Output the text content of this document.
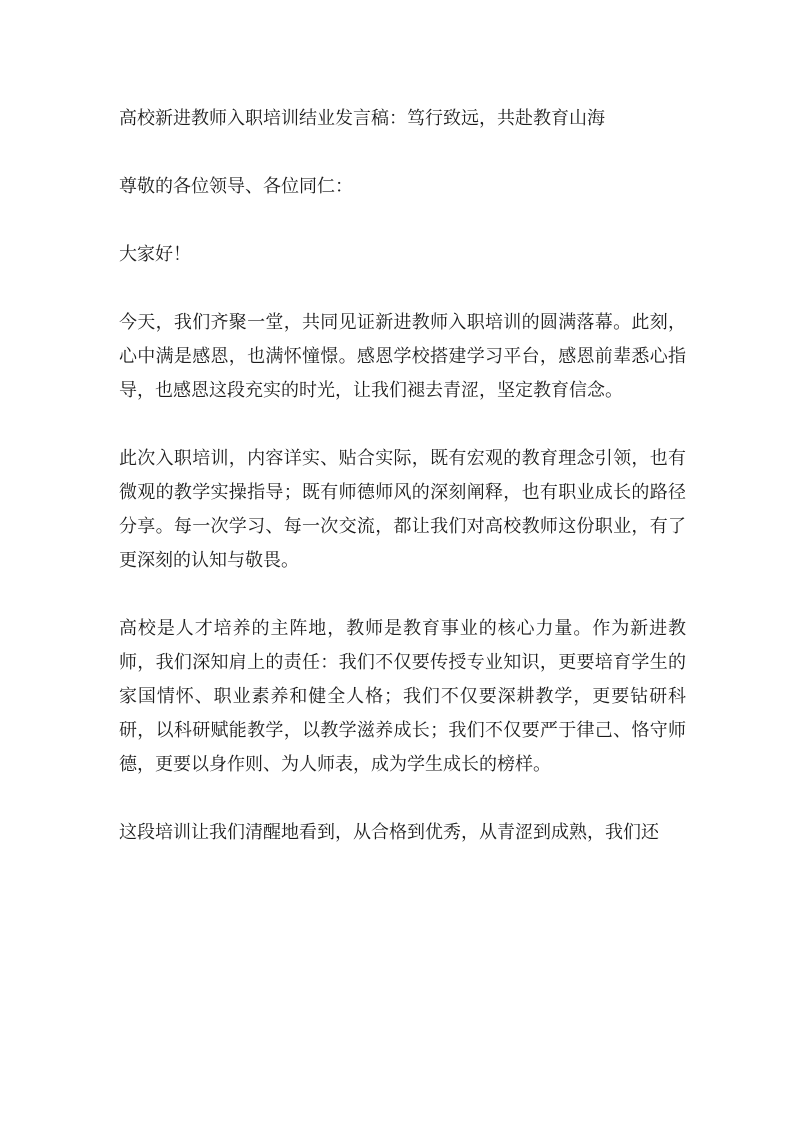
高校新进教师入职培训结业发言稿：笃行致远，共赴教育山海

尊敬的各位领导、各位同仁：

大家好！

今天，我们齐聚一堂，共同见证新进教师入职培训的圆满落幕。此刻，心中满是感恩，也满怀憧憬。感恩学校搭建学习平台，感恩前辈悉心指导，也感恩这段充实的时光，让我们褪去青涩，坚定教育信念。

此次入职培训，内容详实、贴合实际，既有宏观的教育理念引领，也有微观的教学实操指导；既有师德师风的深刻阐释，也有职业成长的路径分享。每一次学习、每一次交流，都让我们对高校教师这份职业，有了更深刻的认知与敬畏。

高校是人才培养的主阵地，教师是教育事业的核心力量。作为新进教师，我们深知肩上的责任：我们不仅要传授专业知识，更要培育学生的家国情怀、职业素养和健全人格；我们不仅要深耕教学，更要钻研科研，以科研赋能教学，以教学滋养成长；我们不仅要严于律己、恪守师德，更要以身作则、为人师表，成为学生成长的榜样。

这段培训让我们清醒地看到，从合格到优秀，从青涩到成熟，我们还
